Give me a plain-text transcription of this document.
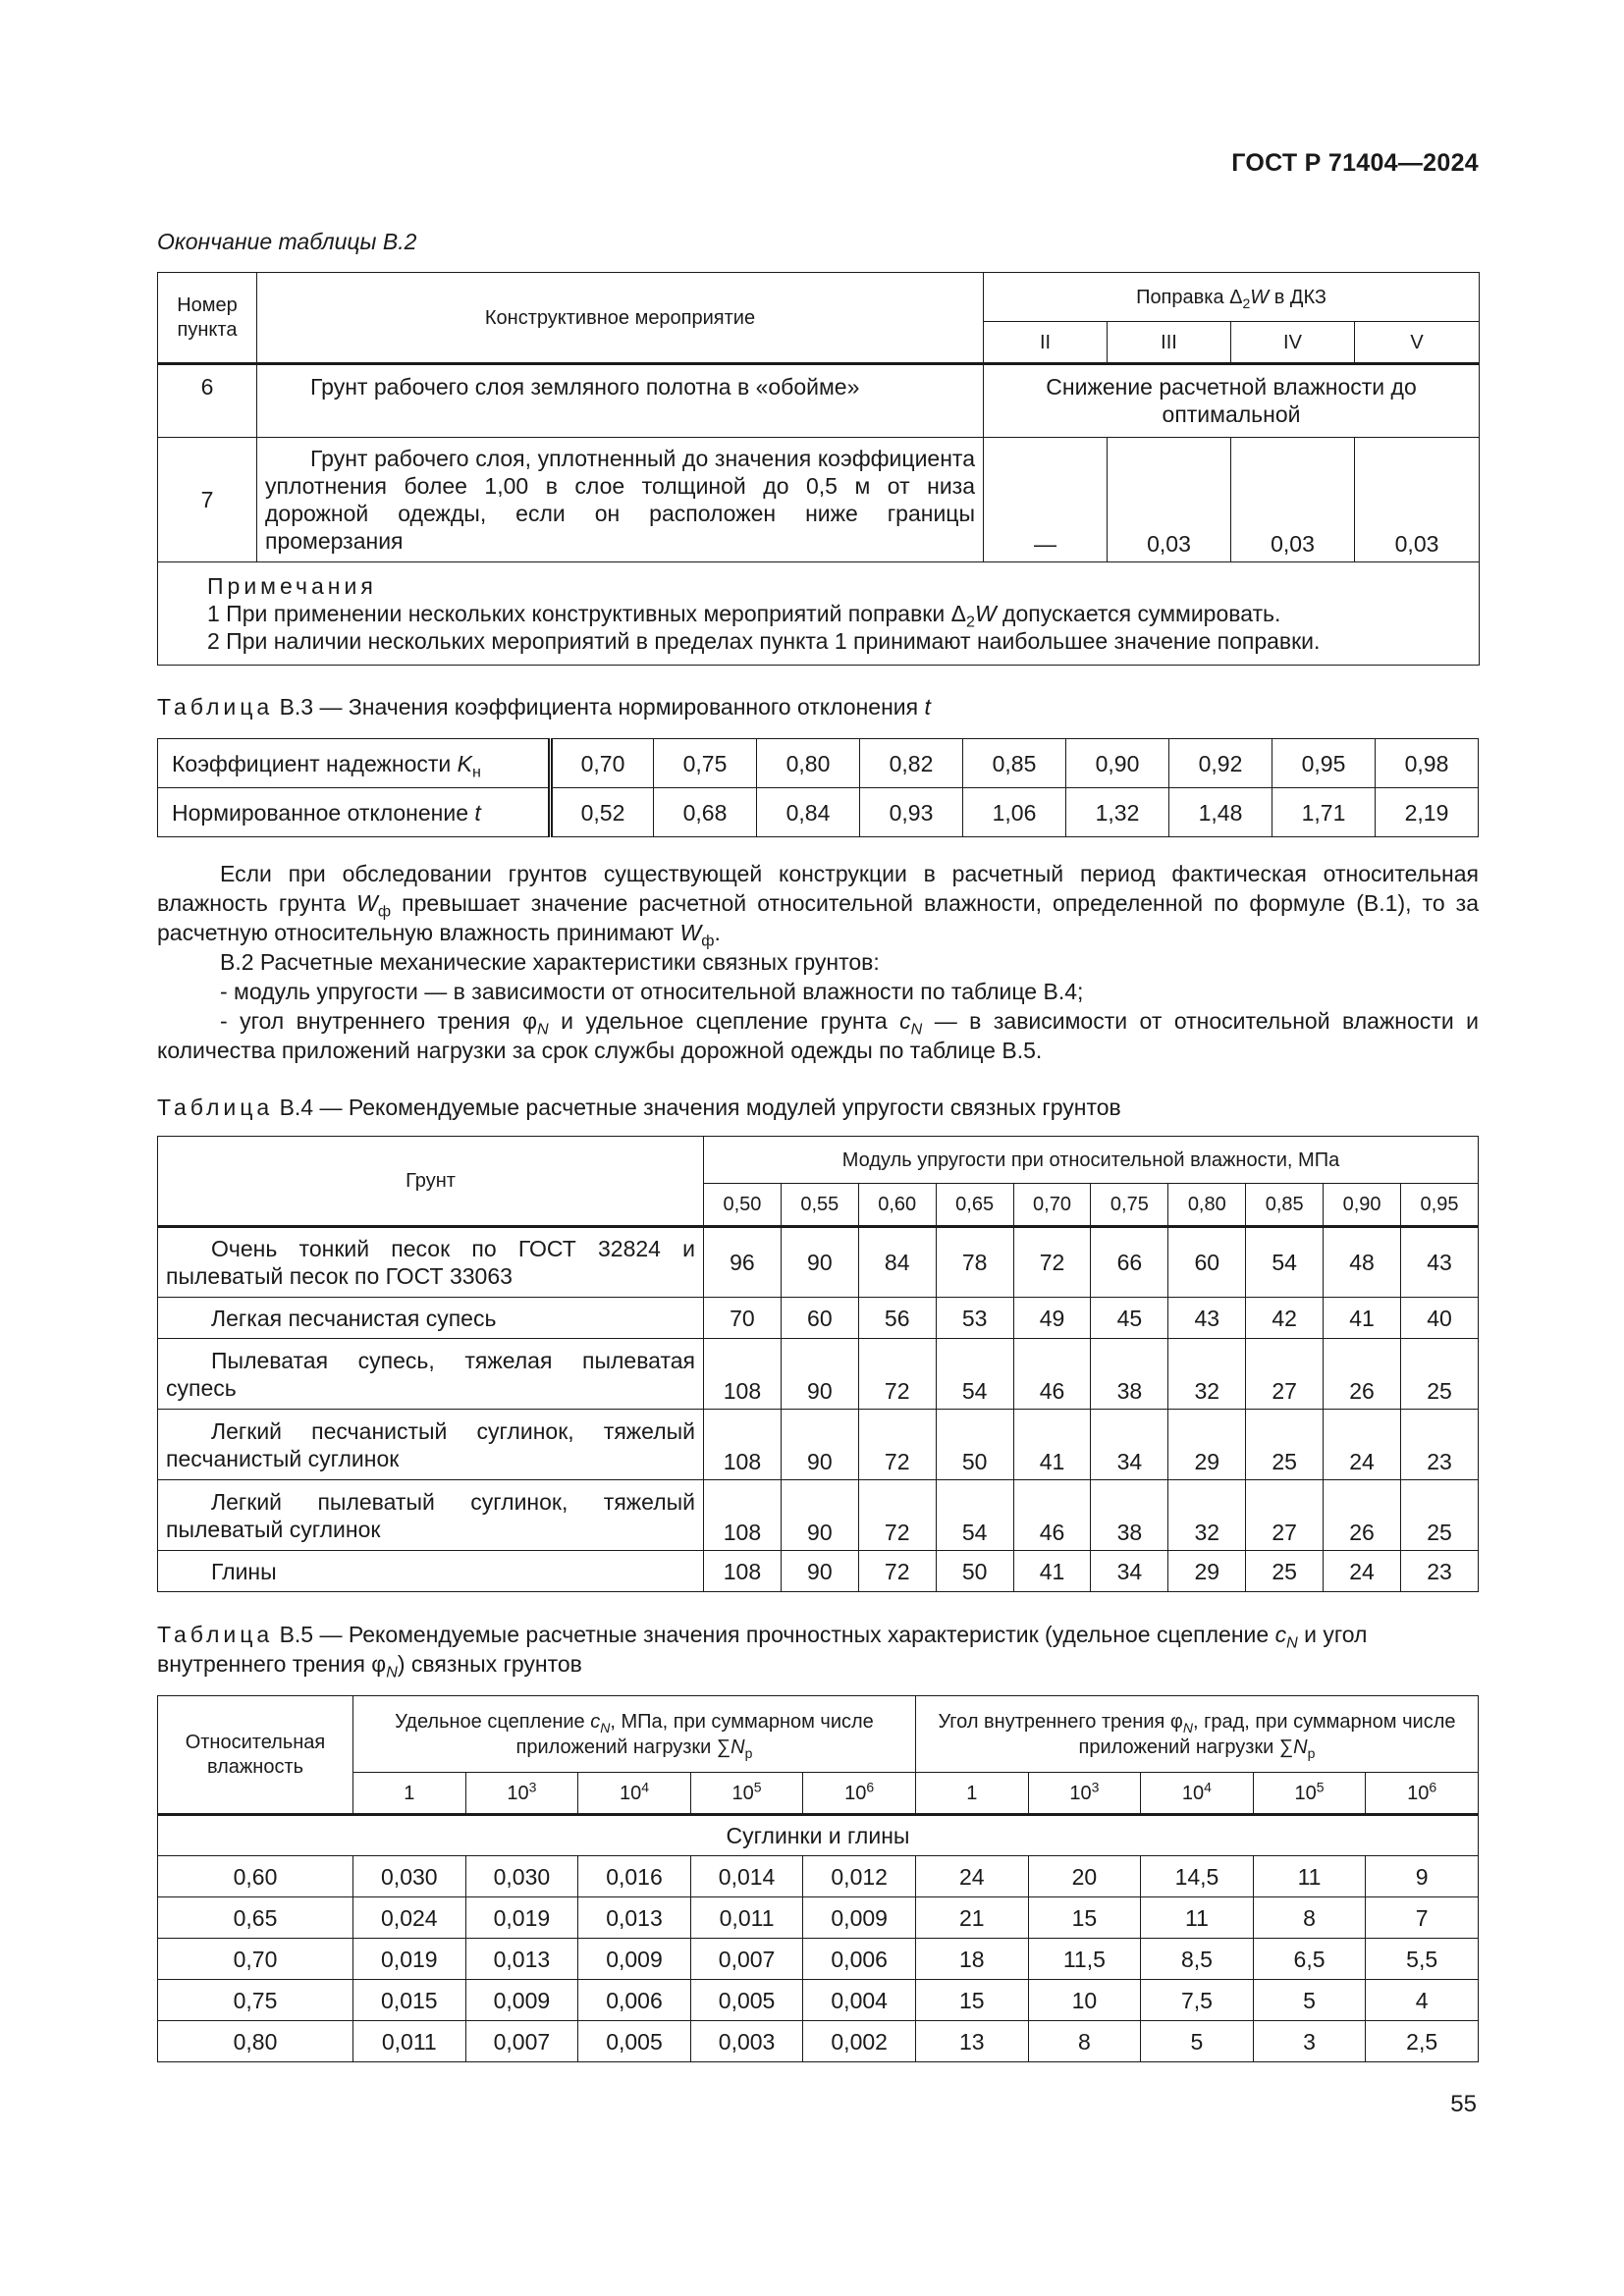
ГОСТ Р 71404—2024
Окончание таблицы В.2
Номер пункта	Конструктивное мероприятие	Поправка $\Delta_2W$ в ДКЗ			
		II	III	IV	V
6	Грунт рабочего слоя земляного полотна в «обойме»	Снижение расчетной влажности до оптимальной			
7	Грунт рабочего слоя, уплотненный до значения коэффициента уплотнения более 1,00 в слое толщиной до 0,5 м от низа дорожной одежды, если он расположен ниже границы промерзания	—	0,03	0,03	0,03

Примечания
1 При применении нескольких конструктивных мероприятий поправки $\Delta_2W$ допускается суммировать.
2 При наличии нескольких мероприятий в пределах пункта 1 принимают наибольшее значение поправки.					
Таблица В.3 — Значения коэффициента нормированного отклонения t
Коэффициент надежности $K_н$	0,70	0,75	0,80	0,82	0,85	0,90	0,92	0,95	0,98
Нормированное отклонение t	0,52	0,68	0,84	0,93	1,06	1,32	1,48	1,71	2,19

Если при обследовании грунтов существующей конструкции в расчетный период фактическая относительная влажность грунта $W_ф$ превышает значение расчетной относительной влажности, определенной по формуле (В.1), то за расчетную относительную влажность принимают $W_ф$.

В.2 Расчетные механические характеристики связных грунтов:

- модуль упругости — в зависимости от относительной влажности по таблице В.4;

- угол внутреннего трения $\varphi_N$ и удельное сцепление грунта $c_N$ — в зависимости от относительной влажности и количества приложений нагрузки за срок службы дорожной одежды по таблице В.5.

Таблица В.4 — Рекомендуемые расчетные значения модулей упругости связных грунтов
Грунт	Модуль упругости при относительной влажности, МПа									
	0,50	0,55	0,60	0,65	0,70	0,75	0,80	0,85	0,90	0,95
Очень тонкий песок по ГОСТ 32824 и пылеватый песок по ГОСТ 33063	96	90	84	78	72	66	60	54	48	43
Легкая песчанистая супесь	70	60	56	53	49	45	43	42	41	40
Пылеватая супесь, тяжелая пылеватая супесь	108	90	72	54	46	38	32	27	26	25
Легкий песчанистый суглинок, тяжелый песчанистый суглинок	108	90	72	50	41	34	29	25	24	23
Легкий пылеватый суглинок, тяжелый пылеватый суглинок	108	90	72	54	46	38	32	27	26	25
Глины	108	90	72	50	41	34	29	25	24	23
Таблица В.5 — Рекомендуемые расчетные значения прочностных характеристик (удельное сцепление $c_N$ и угол внутреннего трения $\varphi_N$) связных грунтов
Относительная влажность	Удельное сцепление $c_N$, МПа, при суммарном числе приложений нагрузки $\sum N_р$					Угол внутреннего трения $\varphi_N$, град, при суммарном числе приложений нагрузки $\sum N_р$
	1	$10^3$	$10^4$	$10^5$	$10^6$	1	$10^3$	$10^4$	$10^5$	$10^6$
Суглинки и глины										
0,60	0,030	0,030	0,016	0,014	0,012	24	20	14,5	11	9
0,65	0,024	0,019	0,013	0,011	0,009	21	15	11	8	7
0,70	0,019	0,013	0,009	0,007	0,006	18	11,5	8,5	6,5	5,5
0,75	0,015	0,009	0,006	0,005	0,004	15	10	7,5	5	4
0,80	0,011	0,007	0,005	0,003	0,002	13	8	5	3	2,5
55
